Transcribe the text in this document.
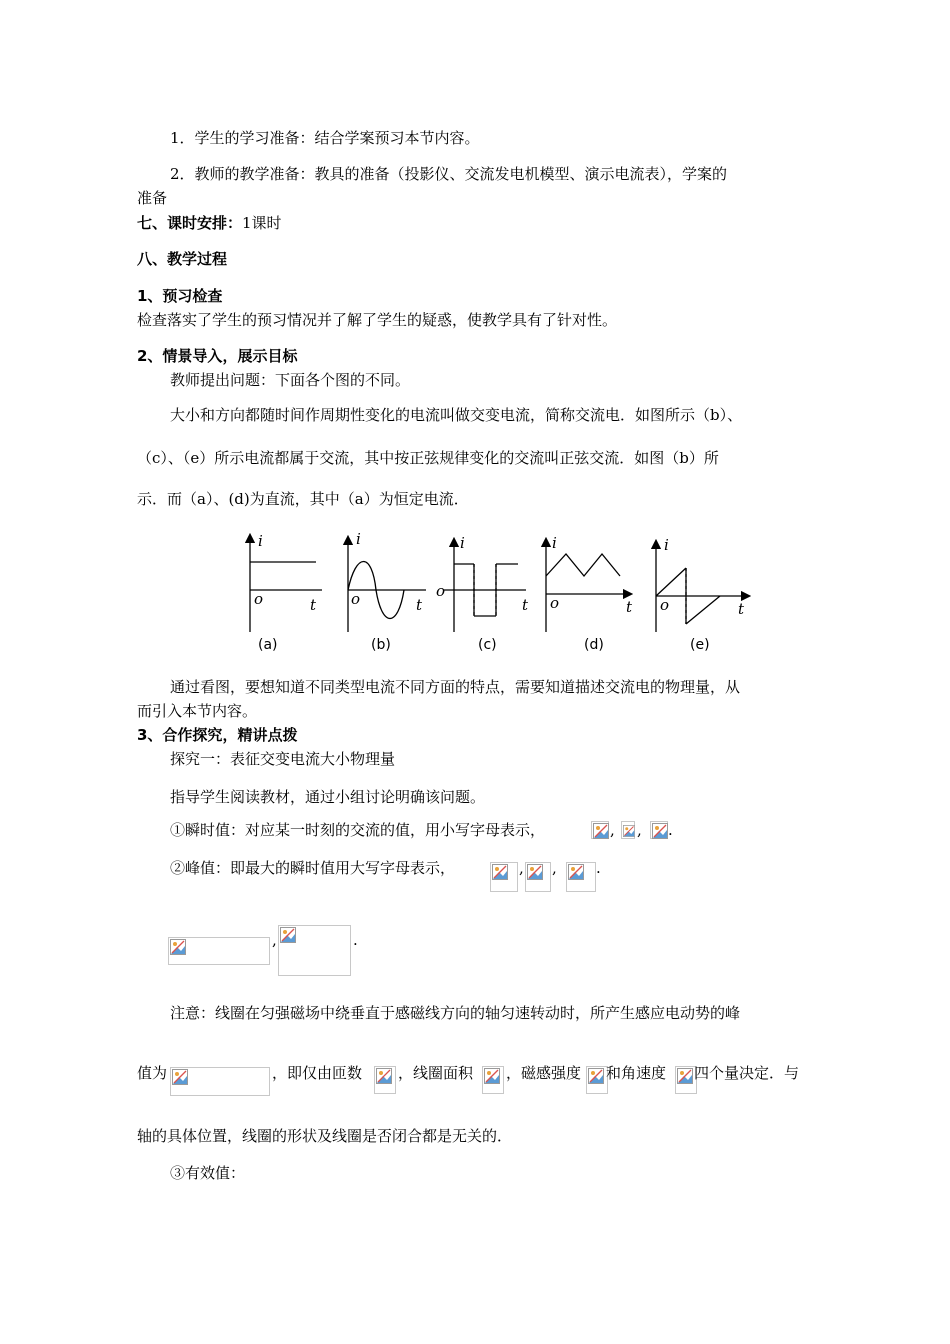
1．学生的学习准备：结合学案预习本节内容。
2．教师的教学准备：教具的准备（投影仪、交流发电机模型、演示电流表），学案的
准备
七、课时安排：1课时
八、教学过程
1、预习检查
检查落实了学生的预习情况并了解了学生的疑惑，使教学具有了针对性。
2、情景导入，展示目标
教师提出问题：下面各个图的不同。
大小和方向都随时间作周期性变化的电流叫做交变电流，简称交流电．如图所示（b）、
（c）、（e）所示电流都属于交流，其中按正弦规律变化的交流叫正弦交流．如图（b）所
示．而（a）、(d)为直流，其中（a）为恒定电流．
i
t
o
i
t
o
i
t
o
i
t
o
i
t
o
(a)	(b)	(c)	(d)	(e)
通过看图，要想知道不同类型电流不同方面的特点，需要知道描述交流电的物理量，从
而引入本节内容。
3、合作探究，精讲点拨
探究一：表征交变电流大小物理量
指导学生阅读教材，通过小组讨论明确该问题。
①瞬时值：对应某一时刻的交流的值，用小写字母表示，	, , .
②峰值：即最大的瞬时值用大写字母表示，	, ,	.
,	.
注意：线圈在匀强磁场中绕垂直于感磁线方向的轴匀速转动时，所产生感应电动势的峰
值为	，即仅由匝数 ，线圈面积 ，磁感强度 和角速度 四个量决定．与
轴的具体位置，线圈的形状及线圈是否闭合都是无关的．
③有效值：
